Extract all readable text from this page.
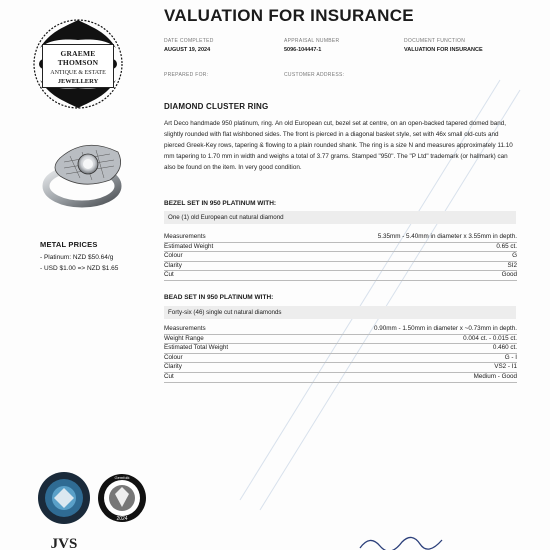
GRAEME THOMSON
ANTIQUE & ESTATE
JEWELLERY
METAL PRICES
- Platinum: NZD $50.64/g
- USD $1.00 => NZD $1.65
2024
Gemfolk
JVS
VALUATION FOR INSURANCE
DATE COMPLETED
AUGUST 19, 2024
APPRAISAL NUMBER
5096-104447-1
DOCUMENT FUNCTION
VALUATION FOR INSURANCE
PREPARED FOR:	CUSTOMER ADDRESS:
DIAMOND CLUSTER RING
Art Deco handmade 950 platinum, ring. An old European cut, bezel set at centre, on an open-backed tapered domed band, slightly rounded with flat wishboned sides. The front is pierced in a diagonal basket style, set with 46x small old-cuts and pierced Greek-Key rows, tapering & flowing to a plain rounded shank. The ring is a size N and measures approximately 11.10 mm tapering to 1.70 mm in width and weighs a total of 3.77 grams. Stamped "950". The "P Ltd" trademark (or hallmark) can also be found on the item. In very good condition.
BEZEL SET IN 950 PLATINUM WITH:
One (1) old European cut natural diamond
Measurements	5.35mm - 5.40mm in diameter x 3.55mm in depth.
Estimated Weight	0.65 ct.
Colour	G
Clarity	SI2
Cut	Good
BEAD SET IN 950 PLATINUM WITH:
Forty-six (46) single cut natural diamonds
Measurements	0.90mm - 1.50mm in diameter x ~0.73mm in depth.
Weight Range	0.004 ct. - 0.015 ct.
Estimated Total Weight	0.460 ct.
Colour	G - I
Clarity	VS2 - I1
Cut	Medium - Good
